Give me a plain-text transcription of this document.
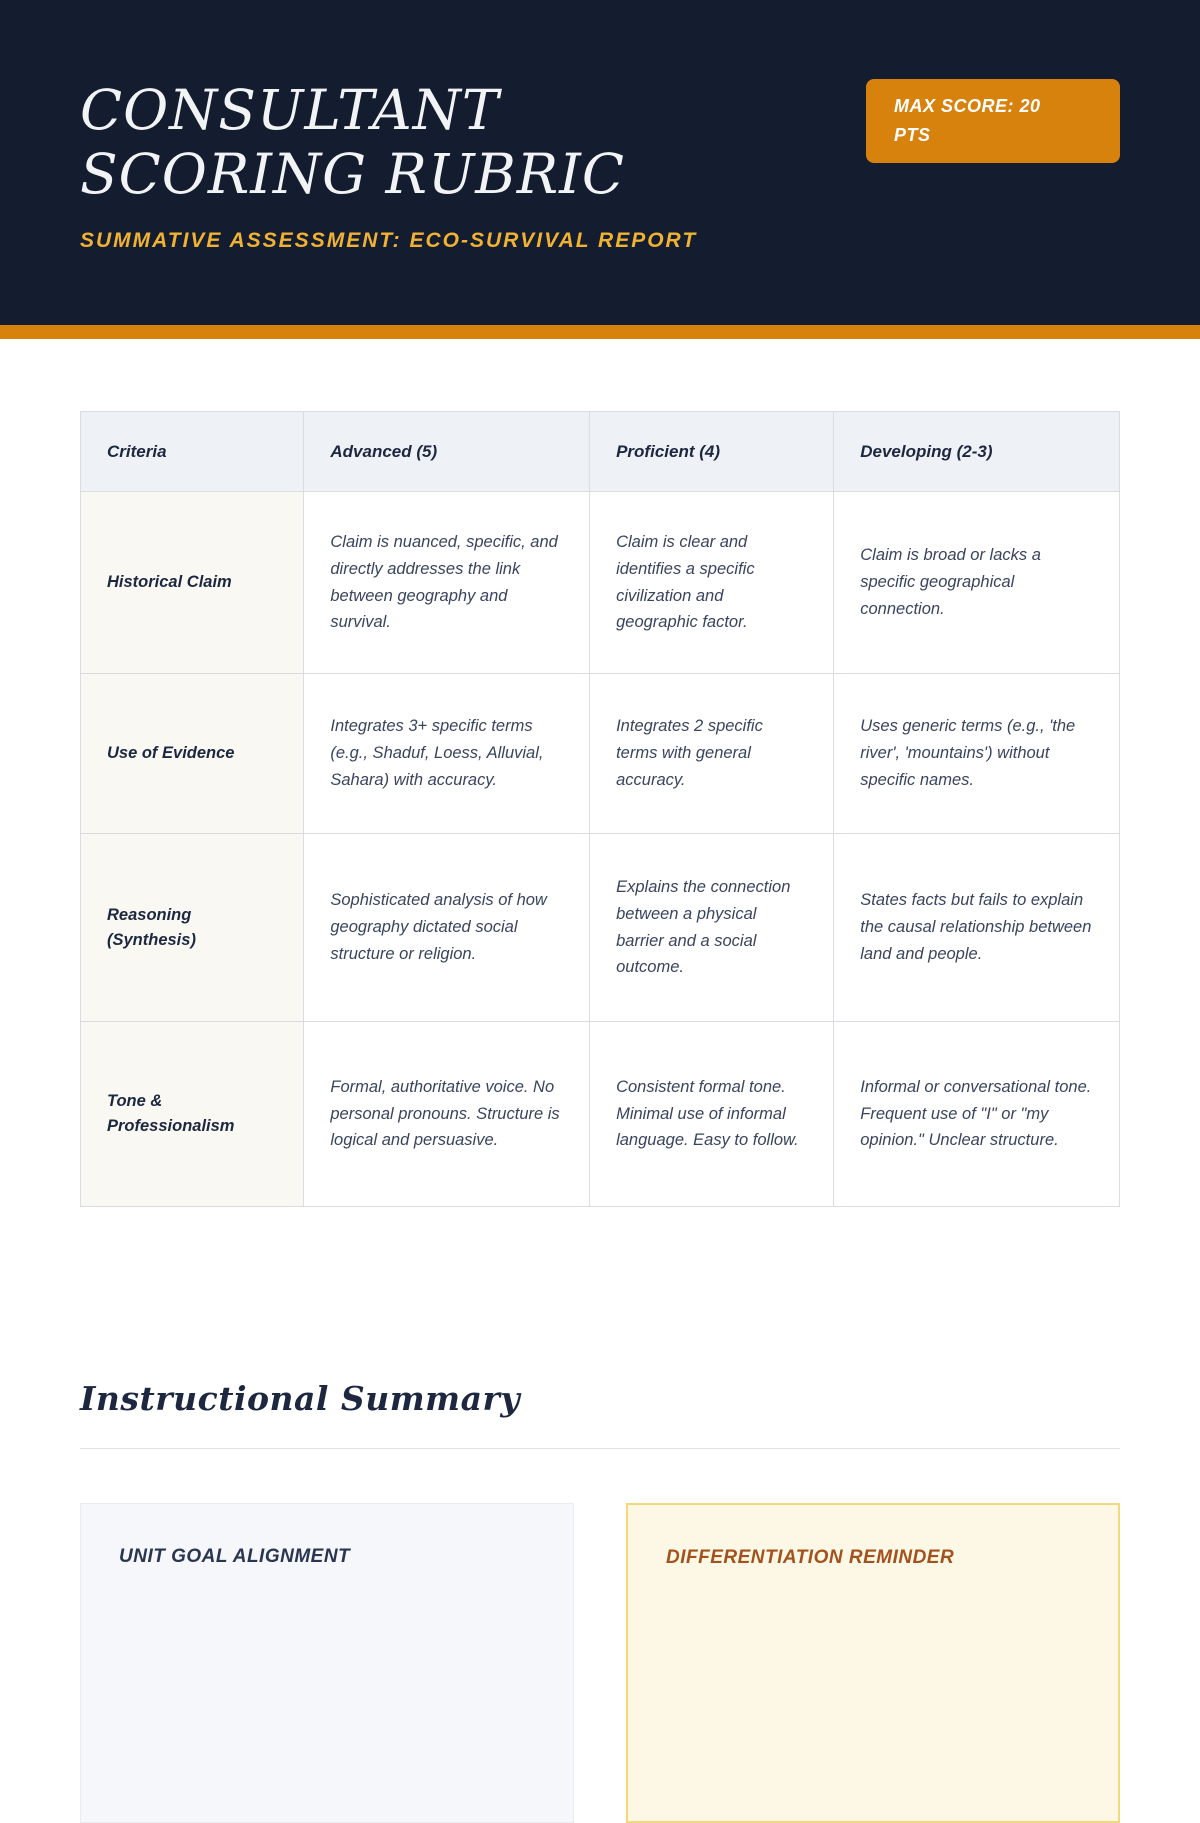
CONSULTANT SCORING RUBRIC
SUMMATIVE ASSESSMENT: ECO-SURVIVAL REPORT
MAX SCORE: 20 PTS
Criteria	Advanced (5)	Proficient (4)	Developing (2-3)
Historical Claim	Claim is nuanced, specific, and directly addresses the link between geography and survival.	Claim is clear and identifies a specific civilization and geographic factor.	Claim is broad or lacks a specific geographical connection.
Use of Evidence	Integrates 3+ specific terms (e.g., Shaduf, Loess, Alluvial, Sahara) with accuracy.	Integrates 2 specific terms with general accuracy.	Uses generic terms (e.g., 'the river', 'mountains') without specific names.
Reasoning (Synthesis)	Sophisticated analysis of how geography dictated social structure or religion.	Explains the connection between a physical barrier and a social outcome.	States facts but fails to explain the causal relationship between land and people.
Tone & Professionalism	Formal, authoritative voice. No personal pronouns. Structure is logical and persuasive.	Consistent formal tone. Minimal use of informal language. Easy to follow.	Informal or conversational tone. Frequent use of "I" or "my opinion." Unclear structure.
Instructional Summary
UNIT GOAL ALIGNMENT	DIFFERENTIATION REMINDER
